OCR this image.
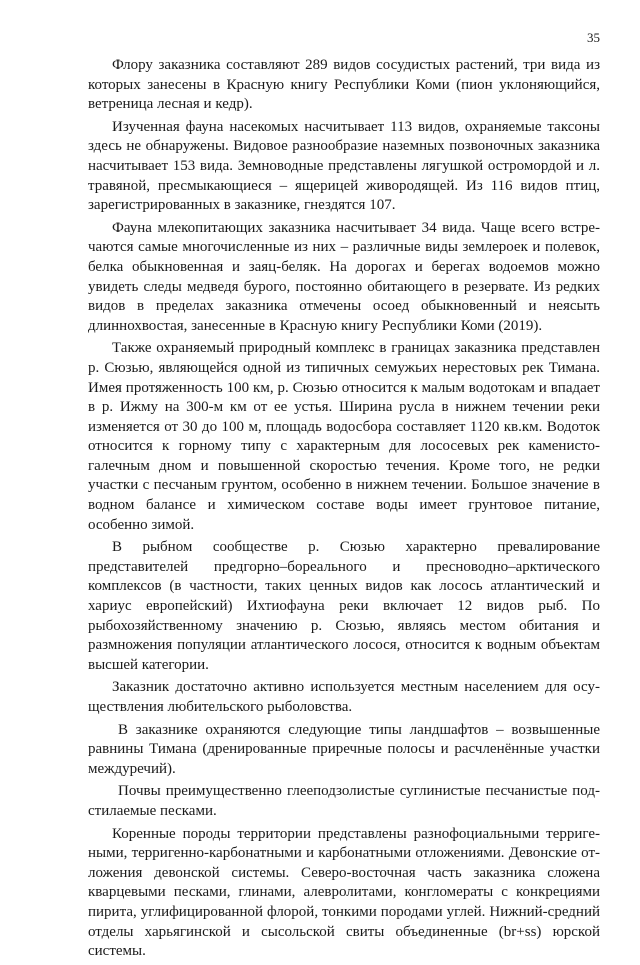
35

Флору заказника составляют 289 видов сосудистых растений, три вида из которых занесены в Красную книгу Республики Коми (пион уклоняющийся, ветреница лесная и кедр).

Изученная фауна насекомых насчитывает 113 видов, охраняемые таксоны здесь не обнаружены. Видовое разнообразие наземных позвоночных заказника насчитывает 153 вида. Земноводные представлены лягушкой остромордой и л. травяной, пресмыкающиеся – ящерицей живородящей. Из 116 видов птиц, зарегистрированных в заказнике, гнездятся 107.

Фауна млекопитающих заказника насчитывает 34 вида. Чаще всего встречаются самые многочисленные из них – различные виды землероек и полевок, белка обыкновенная и заяц-беляк. На дорогах и берегах водоемов можно увидеть следы медведя бурого, постоянно обитающего в резервате. Из редких видов в пределах заказника отмечены осоед обыкновенный и неясыть длиннохвостая, занесенные в Красную книгу Республики Коми (2019).

Также охраняемый природный комплекс в границах заказника представлен р. Сюзью, являющейся одной из типичных семужьих нерестовых рек Тимана. Имея протяженность 100 км, р. Сюзью относится к малым водотокам и впадает в р. Ижму на 300-м км от ее устья. Ширина русла в нижнем течении реки изменяется от 30 до 100 м, площадь водосбора составляет 1120 кв.км. Водоток относится к горному типу с характерным для лососевых рек каменисто-галечным дном и повышенной скоростью течения. Кроме того, не редки участки с песчаным грунтом, особенно в нижнем течении. Большое значение в водном балансе и химическом составе воды имеет грунтовое питание, особенно зимой.

В рыбном сообществе р. Сюзью характерно превалирование представителей предгорно–бореального и пресноводно–арктического комплексов (в частности, таких ценных видов как лосось атлантический и хариус европейский) Ихтиофауна реки включает 12 видов рыб. По рыбохозяйственному значению р. Сюзью, являясь местом обитания и размножения популяции атлантического лосося, относится к водным объектам высшей категории.

Заказник достаточно активно используется местным населением для осуществления любительского рыболовства.

В заказнике охраняются следующие типы ландшафтов – возвышенные равнины Тимана (дренированные приречные полосы и расчленённые участки междуречий).

Почвы преимущественно глееподзолистые суглинистые песчанистые подстилаемые песками.

Коренные породы территории представлены разнофоциальными терригеными, терригенно-карбонатными и карбонатными отложениями. Девонские отложения девонской системы. Северо-восточная часть заказника сложена кварцевыми песками, глинами, алевролитами, конгломераты с конкрециями пирита, углифицированной флорой, тонкими породами углей. Нижний-средний отделы харьягинской и сысольской свиты объединенные (br+ss) юрской системы.
